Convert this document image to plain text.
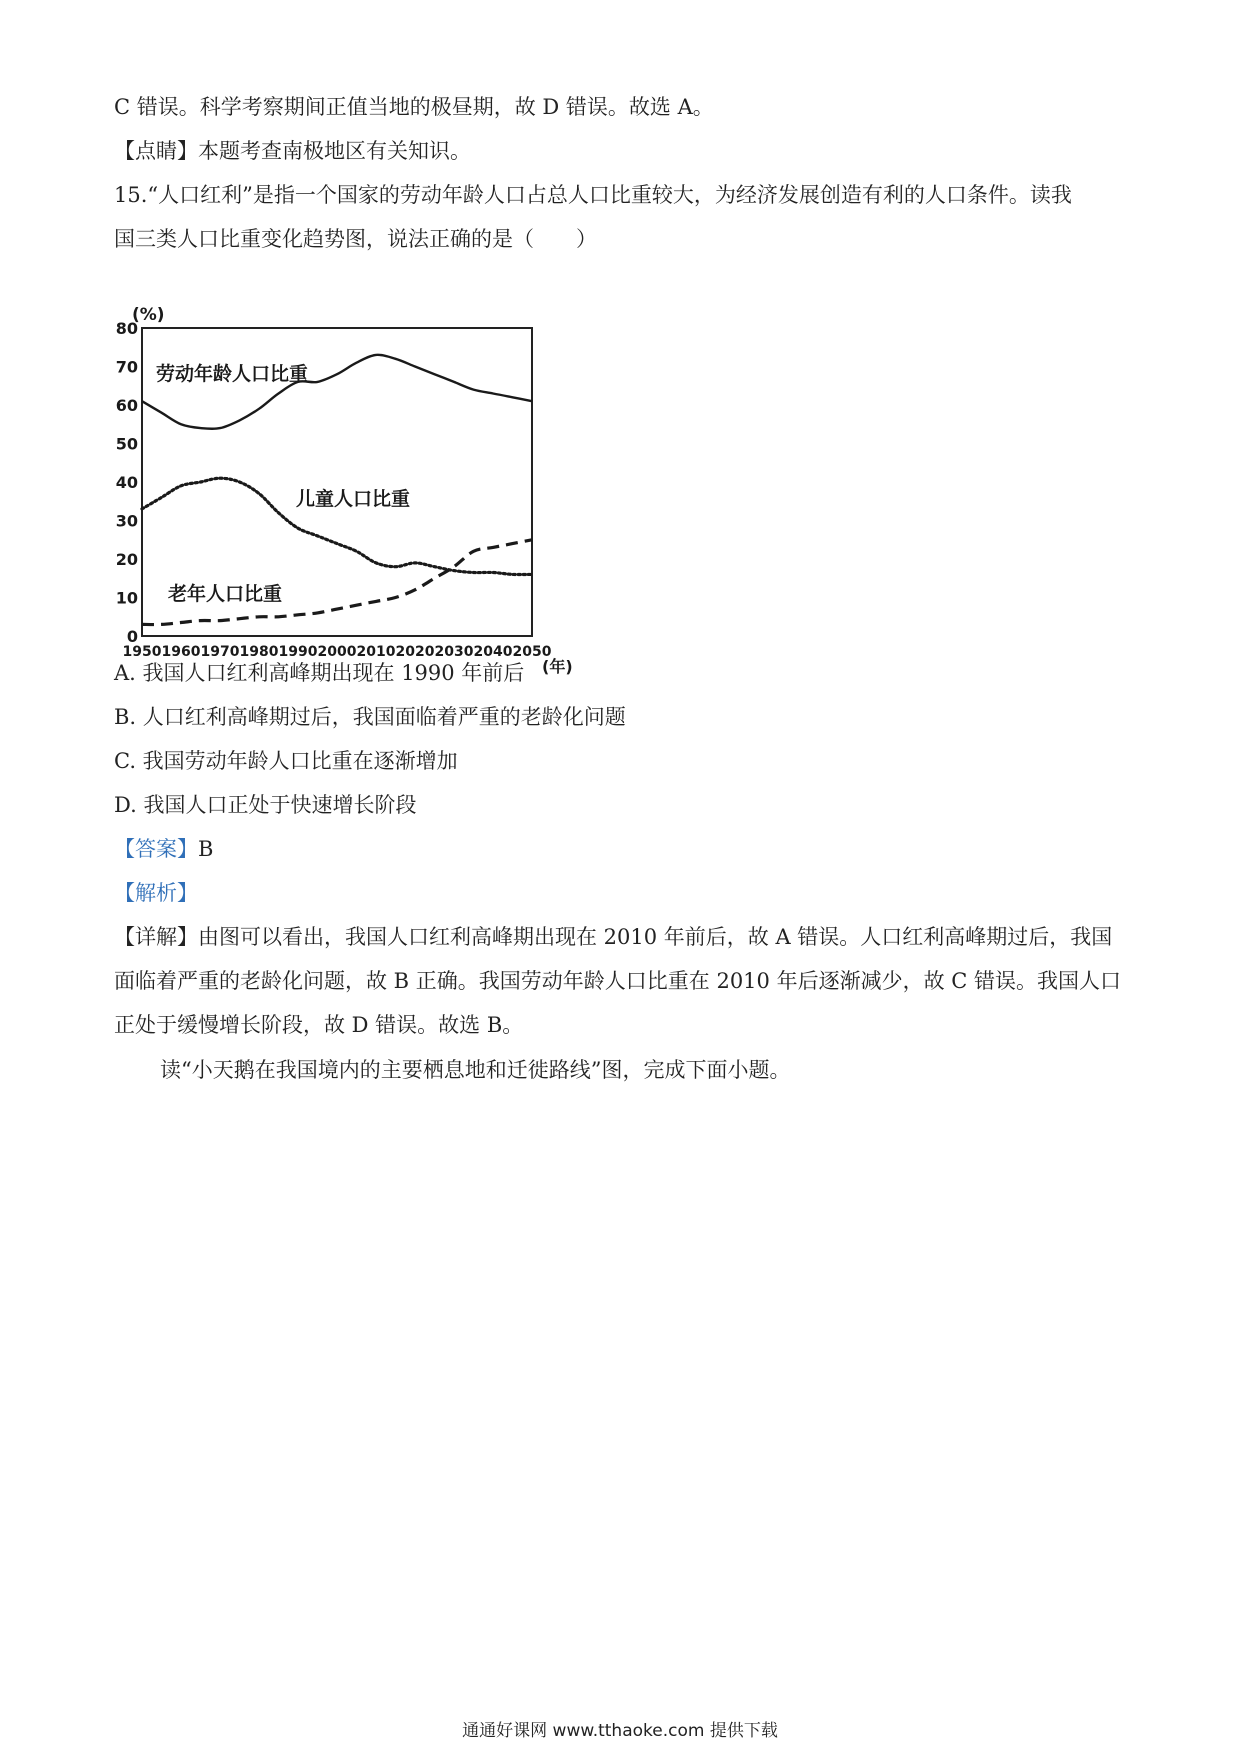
C 错误。科学考察期间正值当地的极昼期，故 D 错误。故选 A。
【点睛】本题考查南极地区有关知识。
15.“人口红利”是指一个国家的劳动年龄人口占总人口比重较大，为经济发展创造有利的人口条件。读我
国三类人口比重变化趋势图，说法正确的是（　　）
(%)
(年)
0
10
20
30
40
50
60
70
80
1950 1960 1970 1980 1990 2000 2010 2020 2030 2040 2050
劳动年龄人口比重
儿童人口比重
老年人口比重
A. 我国人口红利高峰期出现在 1990 年前后
B. 人口红利高峰期过后，我国面临着严重的老龄化问题
C. 我国劳动年龄人口比重在逐渐增加
D. 我国人口正处于快速增长阶段
【答案】B
【解析】
【详解】由图可以看出，我国人口红利高峰期出现在 2010 年前后，故 A 错误。人口红利高峰期过后，我国
面临着严重的老龄化问题，故 B 正确。我国劳动年龄人口比重在 2010 年后逐渐减少，故 C 错误。我国人口
正处于缓慢增长阶段，故 D 错误。故选 B。
读“小天鹅在我国境内的主要栖息地和迁徙路线”图，完成下面小题。
通通好课网 www.tthaoke.com 提供下载
